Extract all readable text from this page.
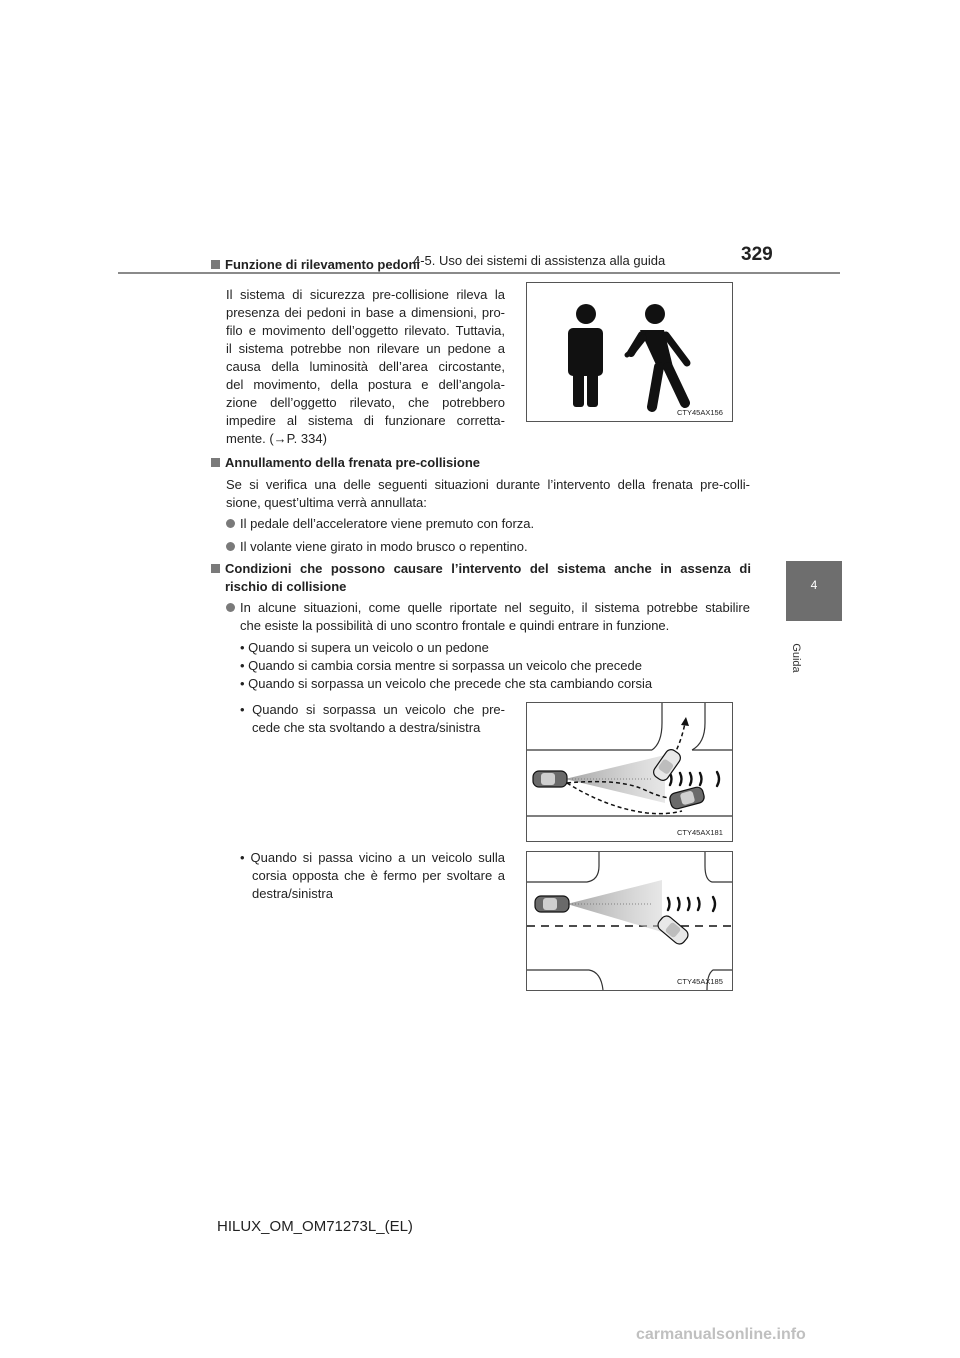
4-5. Uso dei sistemi di assistenza alla guida	329
4
Guida
Funzione di rilevamento pedoni
Il sistema di sicurezza pre-collisione rileva la
presenza dei pedoni in base a dimensioni, pro-
filo e movimento dell’oggetto rilevato. Tuttavia,
il sistema potrebbe non rilevare un pedone a
causa della luminosità dell’area circostante,
del movimento, della postura e dell’angola-
zione dell’oggetto rilevato, che potrebbero
impedire al sistema di funzionare corretta-
mente. (→P. 334)
CTY45AX156
Annullamento della frenata pre-collisione
Se si verifica una delle seguenti situazioni durante l’intervento della frenata pre-colli-
sione, quest’ultima verrà annullata:
Il pedale dell’acceleratore viene premuto con forza.
Il volante viene girato in modo brusco o repentino.
Condizioni che possono causare l’intervento del sistema anche in assenza di
rischio di collisione
In alcune situazioni, come quelle riportate nel seguito, il sistema potrebbe stabilire
che esiste la possibilità di uno scontro frontale e quindi entrare in funzione.
• Quando si supera un veicolo o un pedone
• Quando si cambia corsia mentre si sorpassa un veicolo che precede
• Quando si sorpassa un veicolo che precede che sta cambiando corsia
• Quando si sorpassa un veicolo che pre-
cede che sta svoltando a destra/sinistra
CTY45AX181
• Quando si passa vicino a un veicolo sulla
corsia opposta che è fermo per svoltare a
destra/sinistra
CTY45AX185
HILUX_OM_OM71273L_(EL)
carmanualsonline.info
